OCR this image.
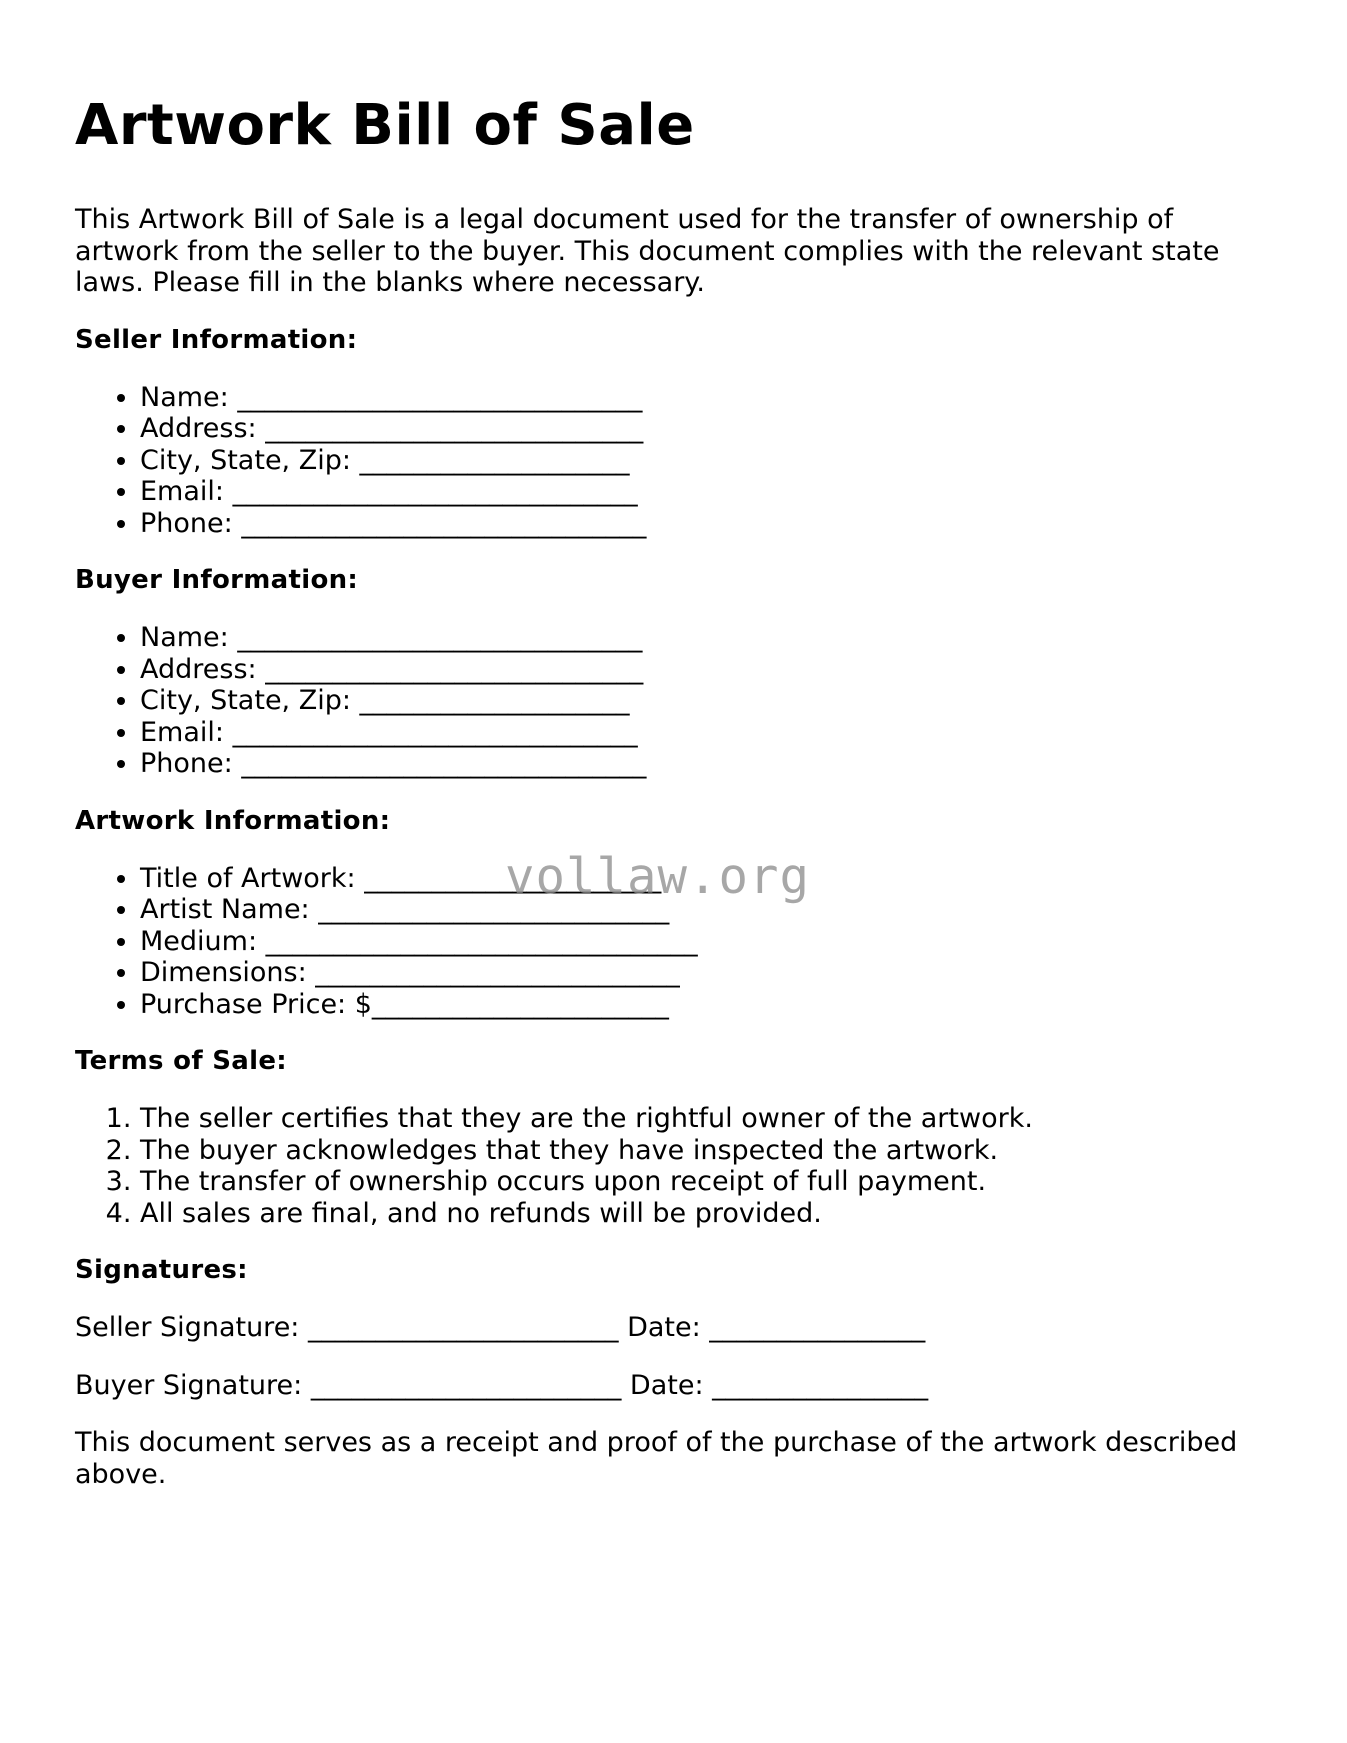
Artwork Bill of Sale

This Artwork Bill of Sale is a legal document used for the transfer of ownership of artwork from the seller to the buyer. This document complies with the relevant state laws. Please fill in the blanks where necessary.

Seller Information:
• Name: ______________________________
• Address: ____________________________
• City, State, Zip: ____________________
• Email: ______________________________
• Phone: ______________________________
Buyer Information:
• Name: ______________________________
• Address: ____________________________
• City, State, Zip: ____________________
• Email: ______________________________
• Phone: ______________________________
Artwork Information:
• Title of Artwork: ______________________
• Artist Name: __________________________
• Medium: ________________________________
• Dimensions: ___________________________
• Purchase Price: $______________________
Terms of Sale:
1. The seller certifies that they are the rightful owner of the artwork.
2. The buyer acknowledges that they have inspected the artwork.
3. The transfer of ownership occurs upon receipt of full payment.
4. All sales are final, and no refunds will be provided.
Signatures:

Seller Signature: _______________________ Date: ________________

Buyer Signature: _______________________ Date: ________________

This document serves as a receipt and proof of the purchase of the artwork described above.

vollaw.org
